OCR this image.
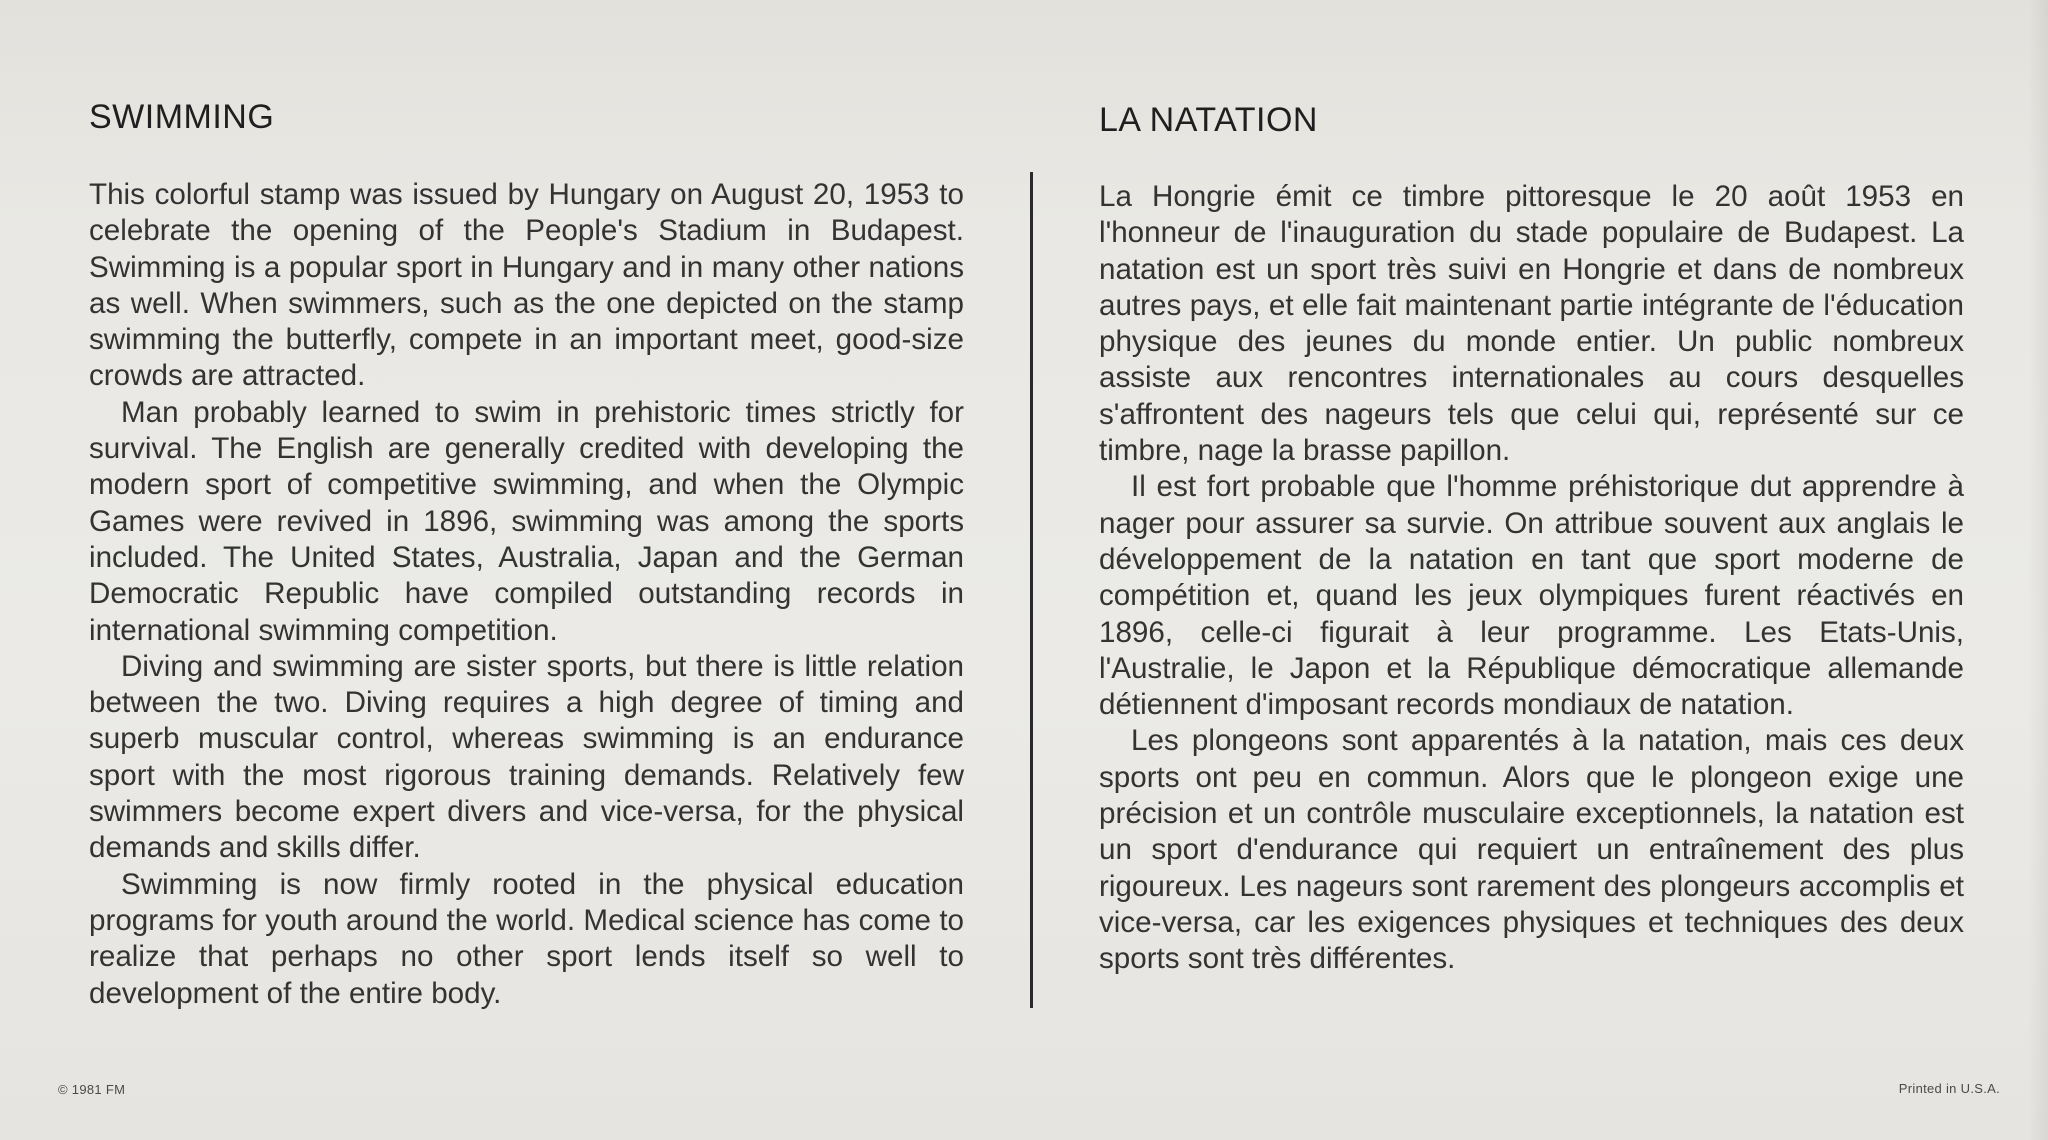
SWIMMING

This colorful stamp was issued by Hungary on August 20, 1953 to celebrate the opening of the People's Stadium in Budapest. Swimming is a popular sport in Hungary and in many other nations as well. When swimmers, such as the one depicted on the stamp swimming the butterfly, compete in an important meet, good-size crowds are attracted.

Man probably learned to swim in prehistoric times strictly for survival. The English are generally credited with developing the modern sport of competitive swimming, and when the Olympic Games were revived in 1896, swimming was among the sports included. The United States, Australia, Japan and the German Democratic Republic have compiled outstanding records in international swimming competition.

Diving and swimming are sister sports, but there is little relation between the two. Diving requires a high degree of timing and superb muscular control, whereas swimming is an endurance sport with the most rigorous training demands. Relatively few swimmers become expert divers and vice-versa, for the physical demands and skills differ.

Swimming is now firmly rooted in the physical education programs for youth around the world. Medical science has come to realize that perhaps no other sport lends itself so well to development of the entire body.

LA NATATION

La Hongrie émit ce timbre pittoresque le 20 août 1953 en l'honneur de l'inauguration du stade populaire de Budapest. La natation est un sport très suivi en Hongrie et dans de nombreux autres pays, et elle fait maintenant partie intégrante de l'éducation physique des jeunes du monde entier. Un public nombreux assiste aux rencontres internationales au cours desquelles s'affrontent des nageurs tels que celui qui, représenté sur ce timbre, nage la brasse papillon.

Il est fort probable que l'homme préhistorique dut apprendre à nager pour assurer sa survie. On attribue souvent aux anglais le développement de la natation en tant que sport moderne de compétition et, quand les jeux olympiques furent réactivés en 1896, celle-ci figurait à leur programme. Les Etats-Unis, l'Australie, le Japon et la République démocratique allemande détiennent d'imposant records mondiaux de natation.

Les plongeons sont apparentés à la natation, mais ces deux sports ont peu en commun. Alors que le plongeon exige une précision et un contrôle musculaire exceptionnels, la natation est un sport d'endurance qui requiert un entraînement des plus rigoureux. Les nageurs sont rarement des plongeurs accomplis et vice-versa, car les exigences physiques et techniques des deux sports sont très différentes.

© 1981 FM	Printed in U.S.A.
